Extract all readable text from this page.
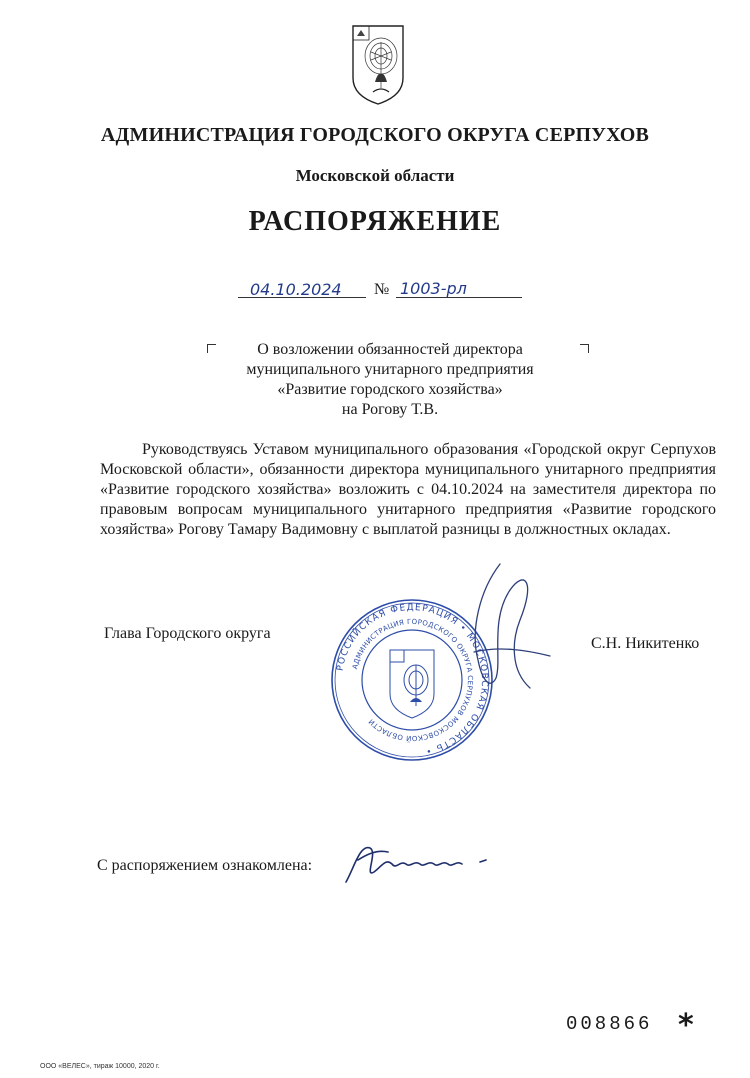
АДМИНИСТРАЦИЯ ГОРОДСКОГО ОКРУГА СЕРПУХОВ
Московской области
РАСПОРЯЖЕНИЕ
04.10.2024 № 1003-рл
О возложении обязанностей директора
муниципального унитарного предприятия
«Развитие городского хозяйства»
на Рогову Т.В.
Руководствуясь Уставом муниципального образования «Городской округ Серпухов Московской области», обязанности директора муниципального унитарного предприятия «Развитие городского хозяйства» возложить с 04.10.2024 на заместителя директора по правовым вопросам муниципального унитарного предприятия «Развитие городского хозяйства» Рогову Тамару Вадимовну с выплатой разницы в должностных окладах.
РОССИЙСКАЯ ФЕДЕРАЦИЯ • МОСКОВСКАЯ ОБЛАСТЬ •
АДМИНИСТРАЦИЯ ГОРОДСКОГО ОКРУГА СЕРПУХОВ МОСКОВСКОЙ ОБЛАСТИ
Глава Городского округа
С.Н. Никитенко
С распоряжением ознакомлена:
008866 *
ООО «ВЕЛЕС», тираж 10000, 2020 г.
